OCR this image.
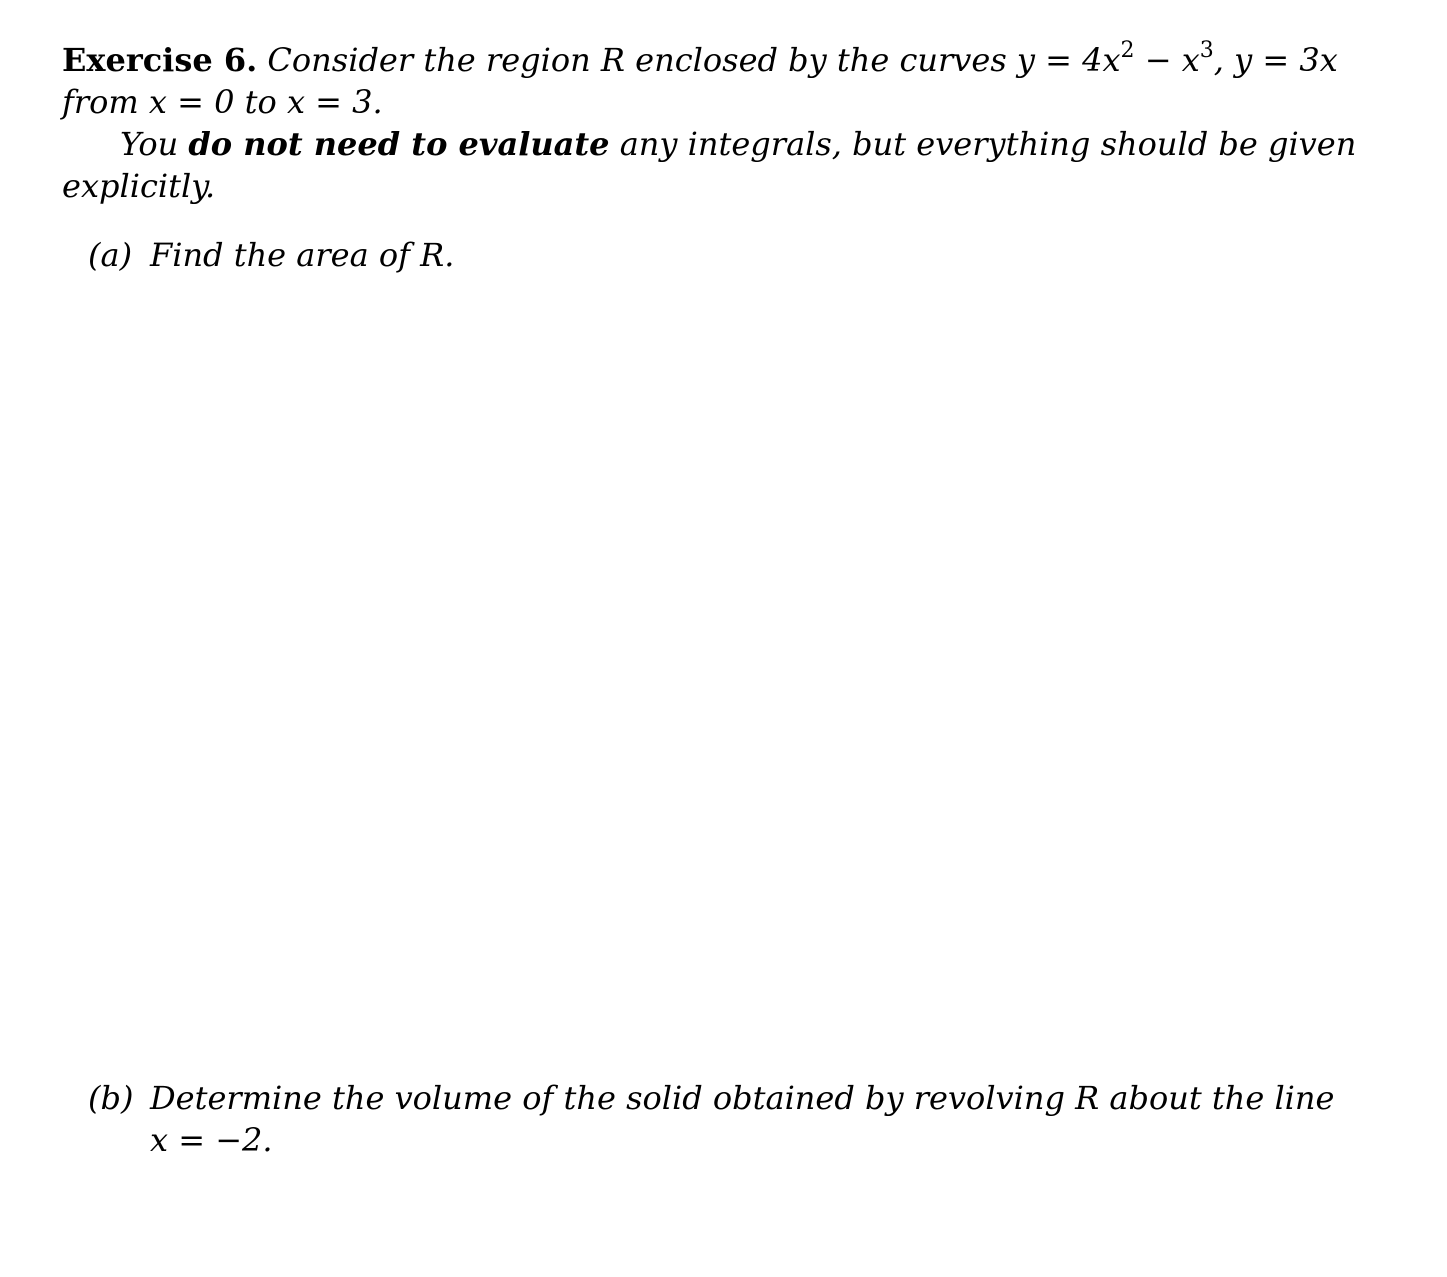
Exercise 6. Consider the region R enclosed by the curves $y = 4x^2 - x^3$, y = 3x
from x = 0 to x = 3.
You do not need to evaluate any integrals, but everything should be given
explicitly.
(a) Find the area of R.
(b) Determine the volume of the solid obtained by revolving R about the line
x = −2.
